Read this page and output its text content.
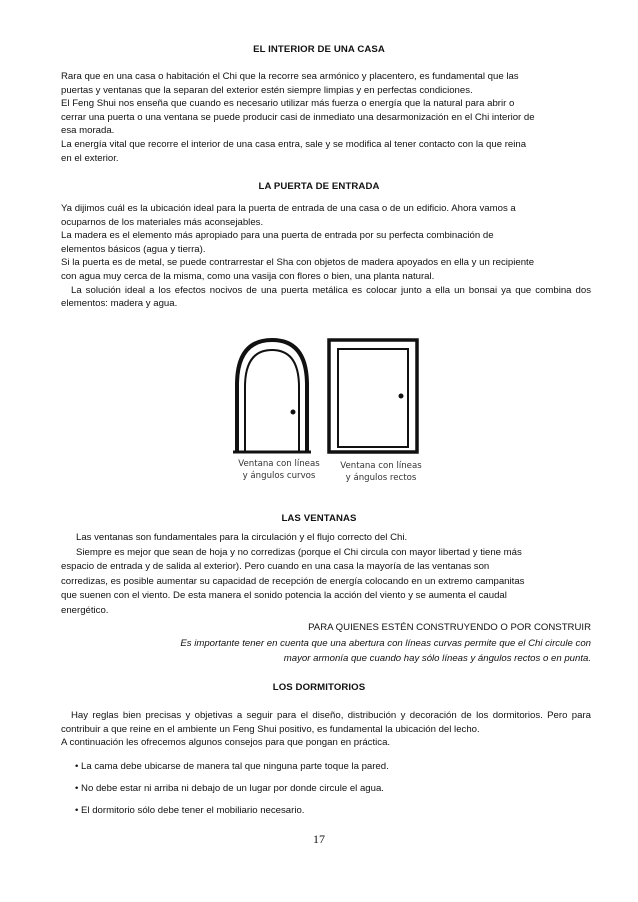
EL INTERIOR DE UNA CASA

Rara que en una casa o habitación el Chi que la recorre sea armónico y placentero, es fundamental que las

puertas y ventanas que la separan del exterior estén siempre limpias y en perfectas condiciones.

El Feng Shui nos enseña que cuando es necesario utilizar más fuerza o energía que la natural para abrir o

cerrar una puerta o una ventana se puede producir casi de inmediato una desarmonización en el Chi interior de

esa morada.

La energía vital que recorre el interior de una casa entra, sale y se modifica al tener contacto con la que reina

en el exterior.

LA PUERTA DE ENTRADA

Ya dijimos cuál es la ubicación ideal para la puerta de entrada de una casa o de un edificio. Ahora vamos a

ocuparnos de los materiales más aconsejables.

La madera es el elemento más apropiado para una puerta de entrada por su perfecta combinación de

elementos básicos (agua y tierra).

Si la puerta es de metal, se puede contrarrestar el Sha con objetos de madera apoyados en ella y un recipiente

con agua muy cerca de la misma, como una vasija con flores o bien, una planta natural.

La solución ideal a los efectos nocivos de una puerta metálica es colocar junto a ella un bonsai ya que combina dos elementos: madera y agua.

Ventana con líneas
y ángulos curvos
Ventana con líneas
y ángulos rectos
LAS VENTANAS

Las ventanas son fundamentales para la circulación y el flujo correcto del Chi.

Siempre es mejor que sean de hoja y no corredizas (porque el Chi circula con mayor libertad y tiene más

espacio de entrada y de salida al exterior). Pero cuando en una casa la mayoría de las ventanas son

corredizas, es posible aumentar su capacidad de recepción de energía colocando en un extremo campanitas

que suenen con el viento. De esta manera el sonido potencia la acción del viento y se aumenta el caudal

energético.

PARA QUIENES ESTÉN CONSTRUYENDO O POR CONSTRUIR

Es importante tener en cuenta que una abertura con líneas curvas permite que el Chi circule con

mayor armonía que cuando hay sólo líneas y ángulos rectos o en punta.

LOS DORMITORIOS

Hay reglas bien precisas y objetivas a seguir para el diseño, distribución y decoración de los dormitorios. Pero para contribuir a que reine en el ambiente un Feng Shui positivo, es fundamental la ubicación del lecho.

A continuación les ofrecemos algunos consejos para que pongan en práctica.

• La cama debe ubicarse de manera tal que ninguna parte toque la pared.
• No debe estar ni arriba ni debajo de un lugar por donde circule el agua.
• El dormitorio sólo debe tener el mobiliario necesario.
17
